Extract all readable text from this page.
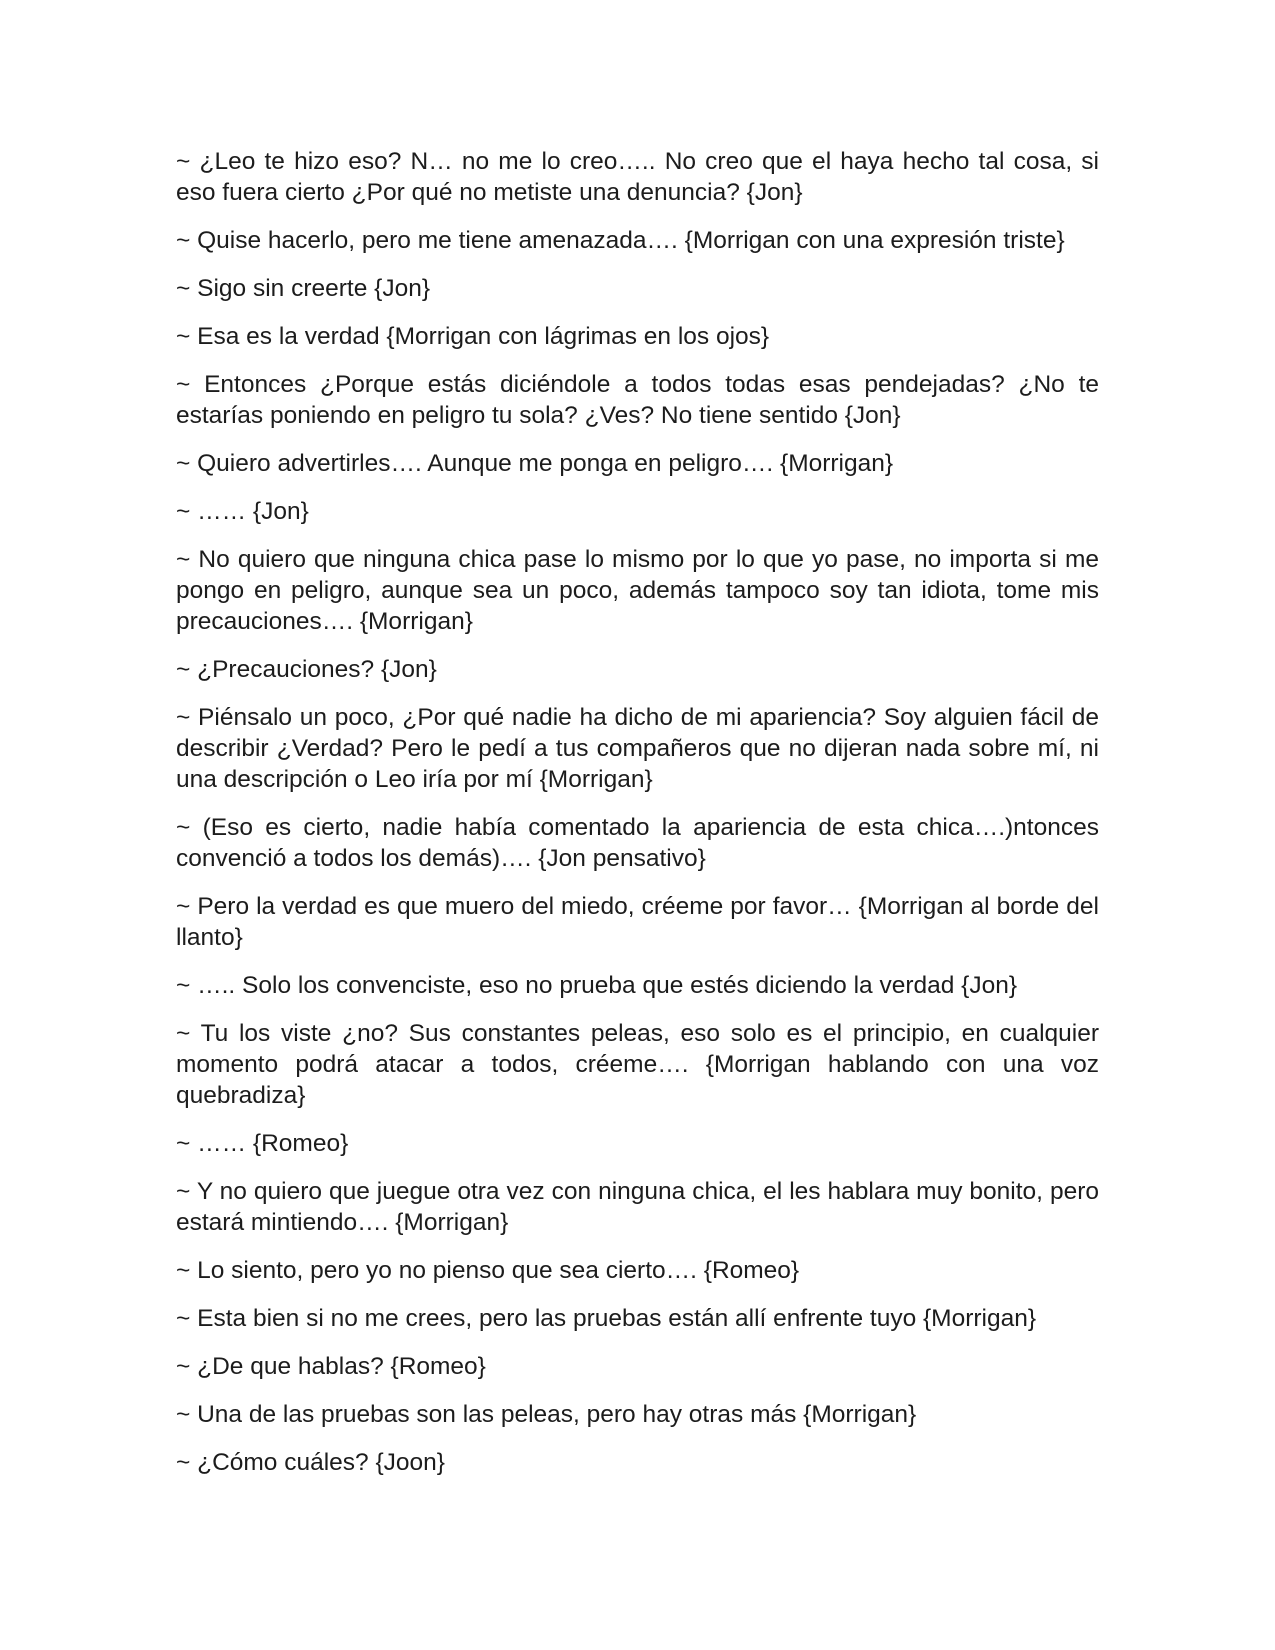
~ ¿Leo te hizo eso? N… no me lo creo….. No creo que el haya hecho tal cosa, si eso fuera cierto ¿Por qué no metiste una denuncia? {Jon}

~ Quise hacerlo, pero me tiene amenazada…. {Morrigan con una expresión triste}

~ Sigo sin creerte {Jon}

~ Esa es la verdad {Morrigan con lágrimas en los ojos}

~ Entonces ¿Porque estás diciéndole a todos todas esas pendejadas? ¿No te estarías poniendo en peligro tu sola? ¿Ves? No tiene sentido {Jon}

~ Quiero advertirles…. Aunque me ponga en peligro…. {Morrigan}

~ …… {Jon}

~ No quiero que ninguna chica pase lo mismo por lo que yo pase, no importa si me pongo en peligro, aunque sea un poco, además tampoco soy tan idiota, tome mis precauciones…. {Morrigan}

~ ¿Precauciones? {Jon}

~ Piénsalo un poco, ¿Por qué nadie ha dicho de mi apariencia? Soy alguien fácil de describir ¿Verdad? Pero le pedí a tus compañeros que no dijeran nada sobre mí, ni una descripción o Leo iría por mí {Morrigan}

~ (Eso es cierto, nadie había comentado la apariencia de esta chica….)ntonces convenció a todos los demás)…. {Jon pensativo}

~ Pero la verdad es que muero del miedo, créeme por favor… {Morrigan al borde del llanto}

~ ….. Solo los convenciste, eso no prueba que estés diciendo la verdad {Jon}

~ Tu los viste ¿no? Sus constantes peleas, eso solo es el principio, en cualquier momento podrá atacar a todos, créeme…. {Morrigan hablando con una voz quebradiza}

~ …… {Romeo}

~ Y no quiero que juegue otra vez con ninguna chica, el les hablara muy bonito, pero estará mintiendo…. {Morrigan}

~ Lo siento, pero yo no pienso que sea cierto…. {Romeo}

~ Esta bien si no me crees, pero las pruebas están allí enfrente tuyo {Morrigan}

~ ¿De que hablas? {Romeo}

~ Una de las pruebas son las peleas, pero hay otras más {Morrigan}

~ ¿Cómo cuáles? {Joon}
